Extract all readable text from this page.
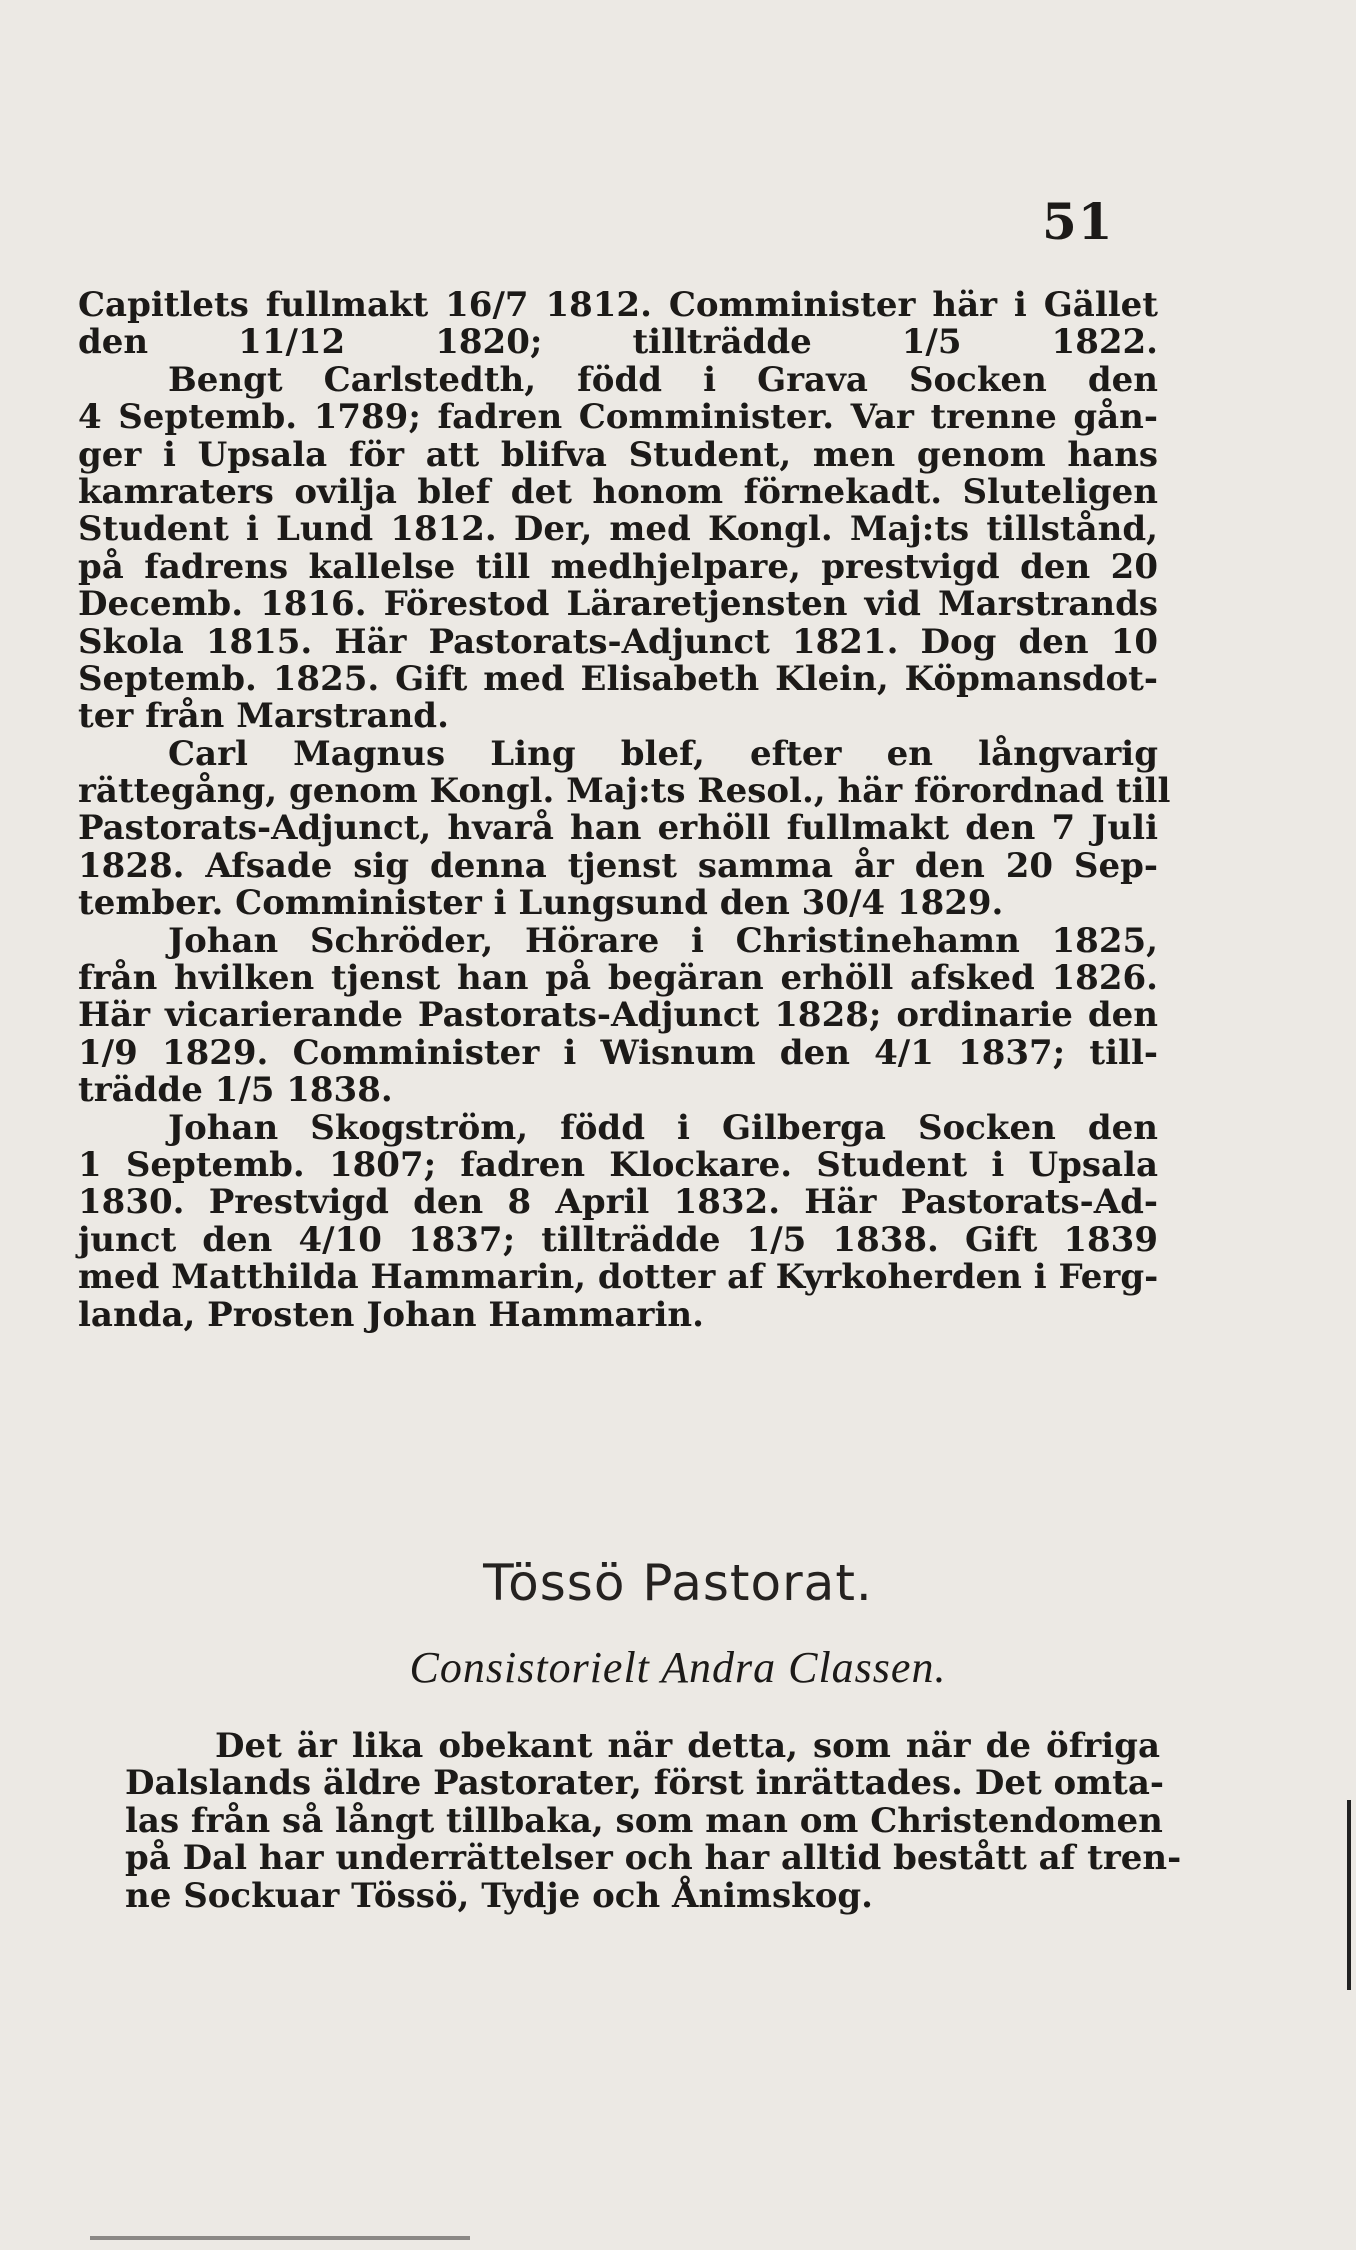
51
Capitlets fullmakt 16/7 1812. Comminister här i Gället
den 11/12 1820; tillträdde 1/5 1822.
Bengt Carlstedth, född i Grava Socken den
4 Septemb. 1789; fadren Comminister. Var trenne gån-
ger i Upsala för att blifva Student, men genom hans
kamraters ovilja blef det honom förnekadt. Sluteligen
Student i Lund 1812. Der, med Kongl. Maj:ts tillstånd,
på fadrens kallelse till medhjelpare, prestvigd den 20
Decemb. 1816. Förestod Läraretjensten vid Marstrands
Skola 1815. Här Pastorats-Adjunct 1821. Dog den 10
Septemb. 1825. Gift med Elisabeth Klein, Köpmansdot-
ter från Marstrand.
Carl Magnus Ling blef, efter en långvarig
rättegång, genom Kongl. Maj:ts Resol., här förordnad till
Pastorats-Adjunct, hvarå han erhöll fullmakt den 7 Juli
1828. Afsade sig denna tjenst samma år den 20 Sep-
tember. Comminister i Lungsund den 30/4 1829.
Johan Schröder, Hörare i Christinehamn 1825,
från hvilken tjenst han på begäran erhöll afsked 1826.
Här vicarierande Pastorats-Adjunct 1828; ordinarie den
1/9 1829. Comminister i Wisnum den 4/1 1837; till-
trädde 1/5 1838.
Johan Skogström, född i Gilberga Socken den
1 Septemb. 1807; fadren Klockare. Student i Upsala
1830. Prestvigd den 8 April 1832. Här Pastorats-Ad-
junct den 4/10 1837; tillträdde 1/5 1838. Gift 1839
med Matthilda Hammarin, dotter af Kyrkoherden i Ferg-
landa, Prosten Johan Hammarin.
Tössö Pastorat.
Consistorielt Andra Classen.
Det är lika obekant när detta, som när de öfriga
Dalslands äldre Pastorater, först inrättades. Det omta-
las från så långt tillbaka, som man om Christendomen
på Dal har underrättelser och har alltid bestått af tren-
ne Sockuar Tössö, Tydje och Ånimskog.
